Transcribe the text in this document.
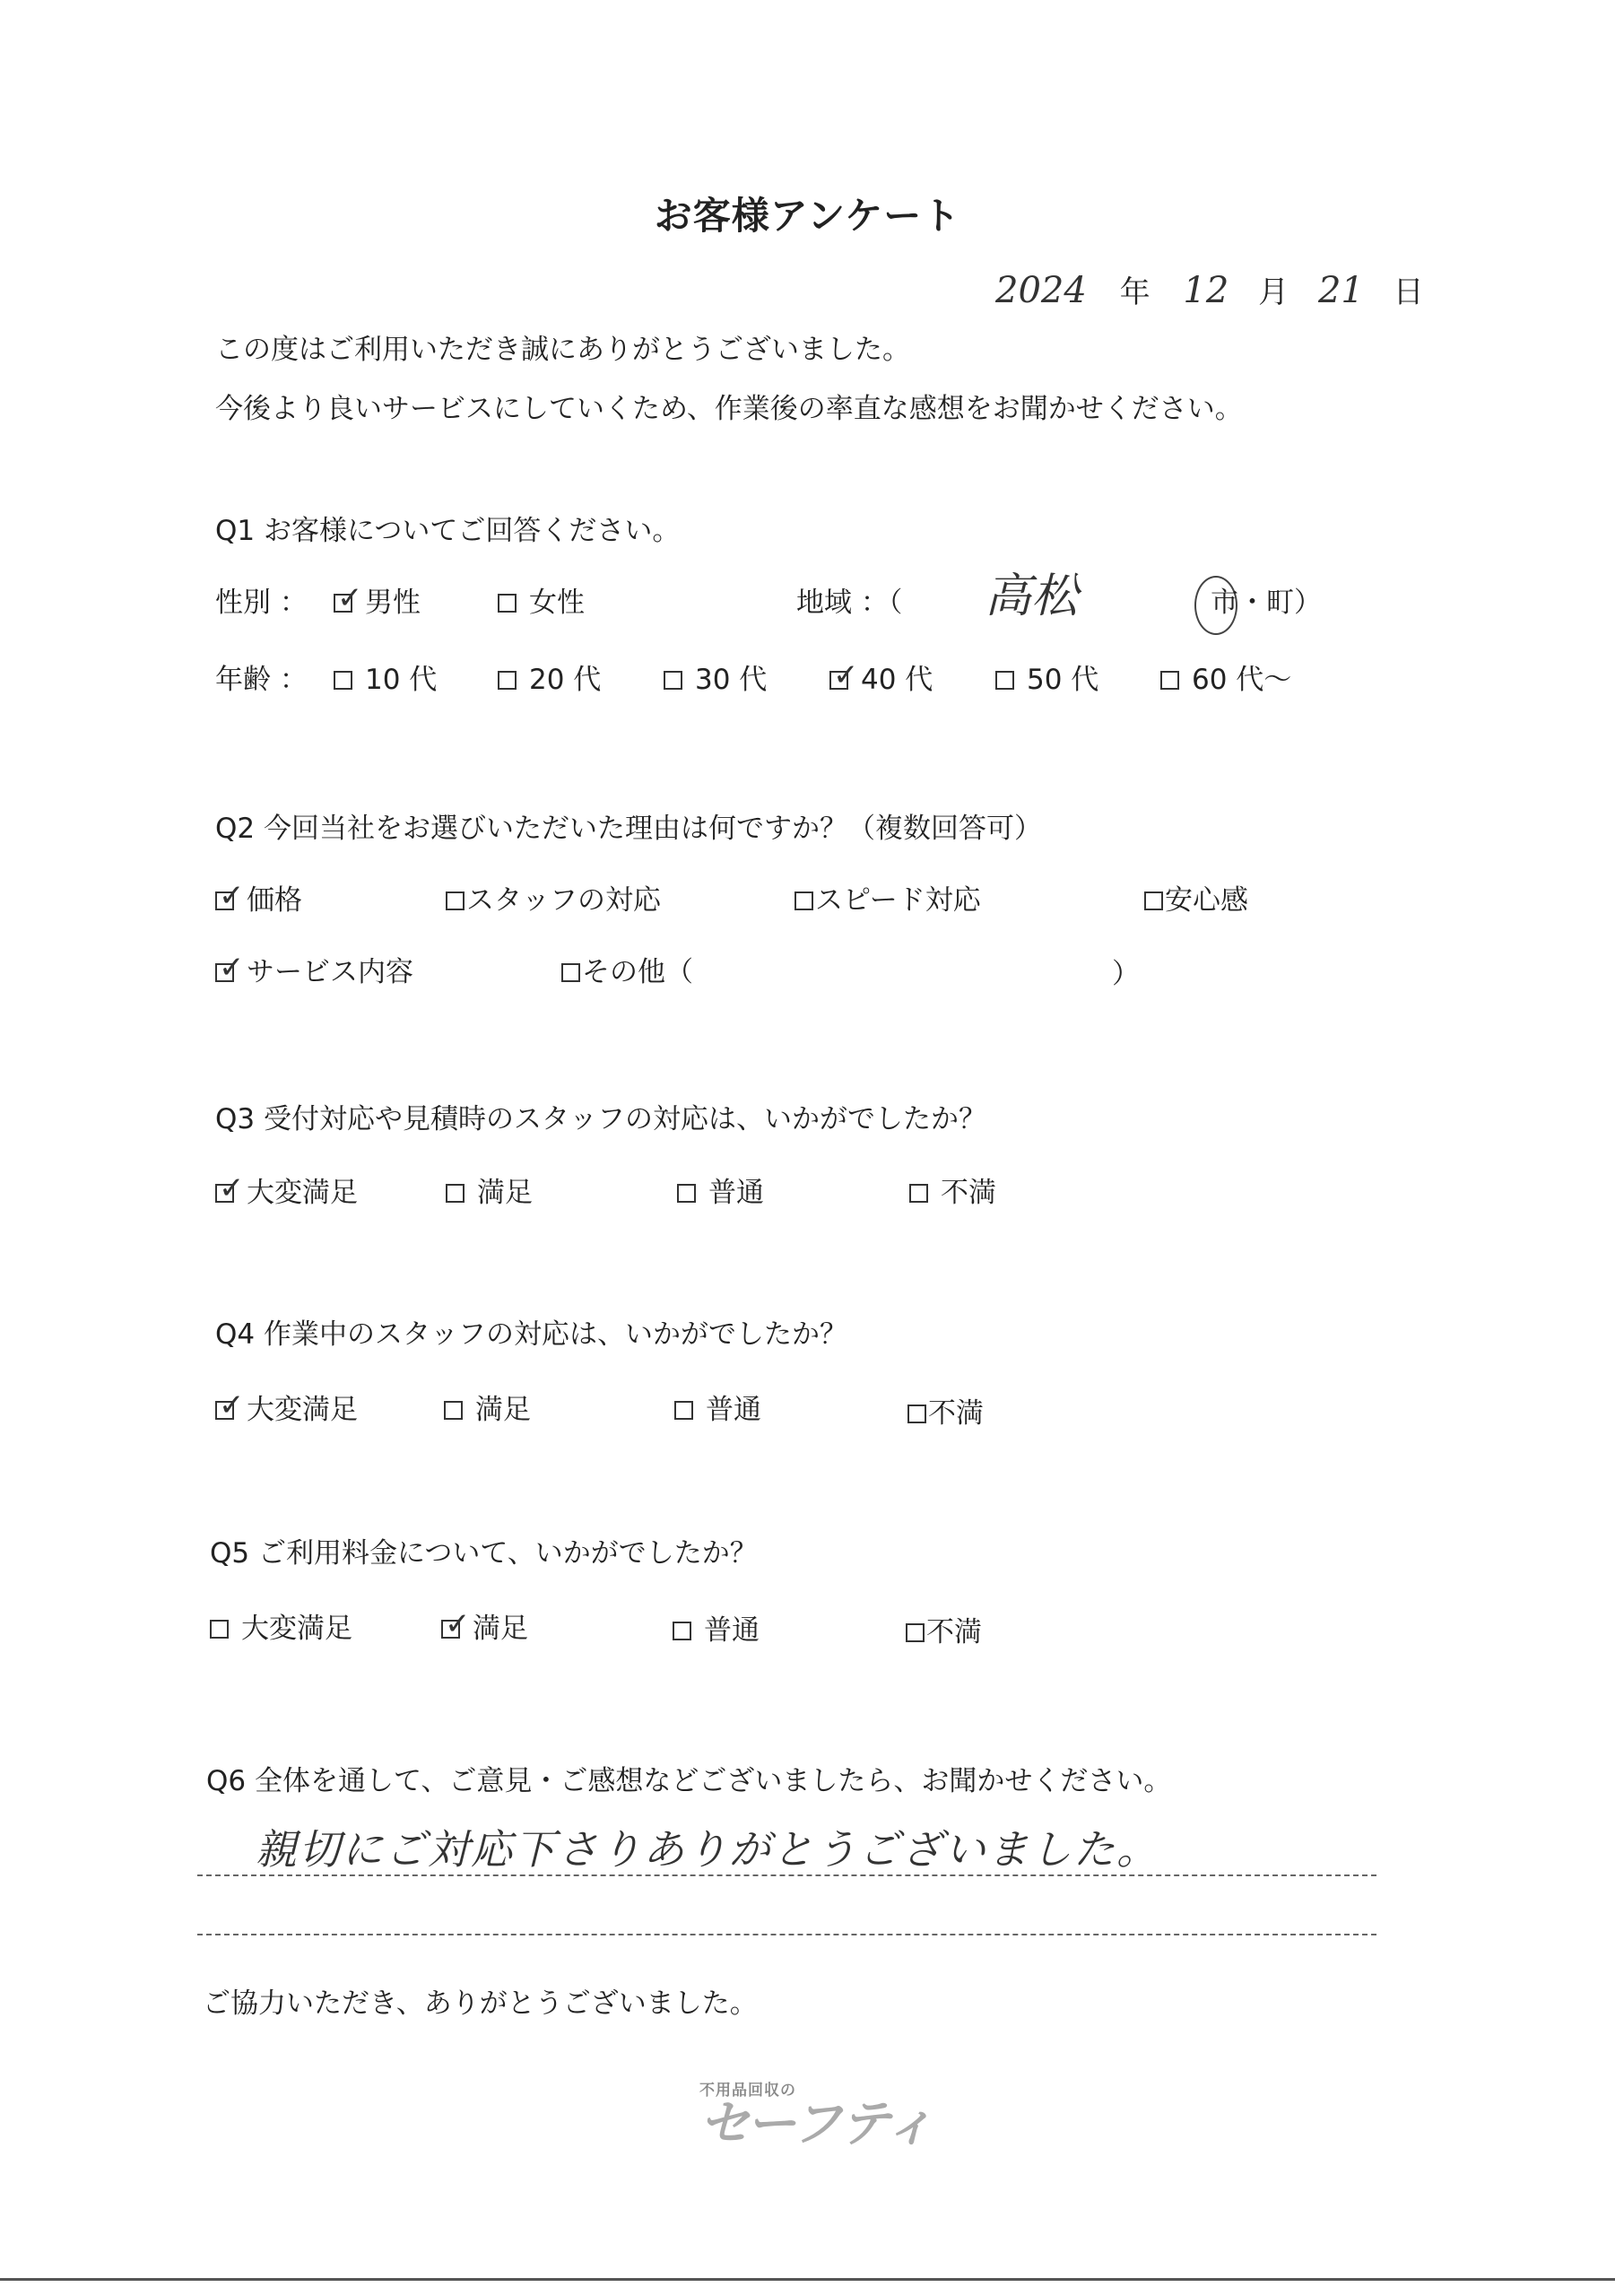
お客様アンケート
2024 年 12 月 21 日
この度はご利用いただき誠にありがとうございました。
今後より良いサービスにしていくため、作業後の率直な感想をお聞かせください。
Q1 お客様についてご回答ください。
性別 ： ✓ 男性	女性	地域 ：（ 高松	市・町）
年齢 ： 10 代	20 代	30 代 ✓ 40 代	50 代	60 代〜
Q2 今回当社をお選びいただいた理由は何ですか？（複数回答可）
✓ 価格	スタッフの対応	スピード対応	安心感
✓ サービス内容	その他（	）
Q3 受付対応や見積時のスタッフの対応は、いかがでしたか？
✓ 大変満足	満足	普通	不満
Q4 作業中のスタッフの対応は、いかがでしたか？
✓ 大変満足	満足	普通	不満
Q5 ご利用料金について、いかがでしたか？
大変満足	✓ 満足	普通	不満
Q6 全体を通して、ご意見・ご感想などございましたら、お聞かせください。
親切にご対応下さりありがとうございました。
ご協力いただき、ありがとうございました。
不用品回収の
セーフティ
